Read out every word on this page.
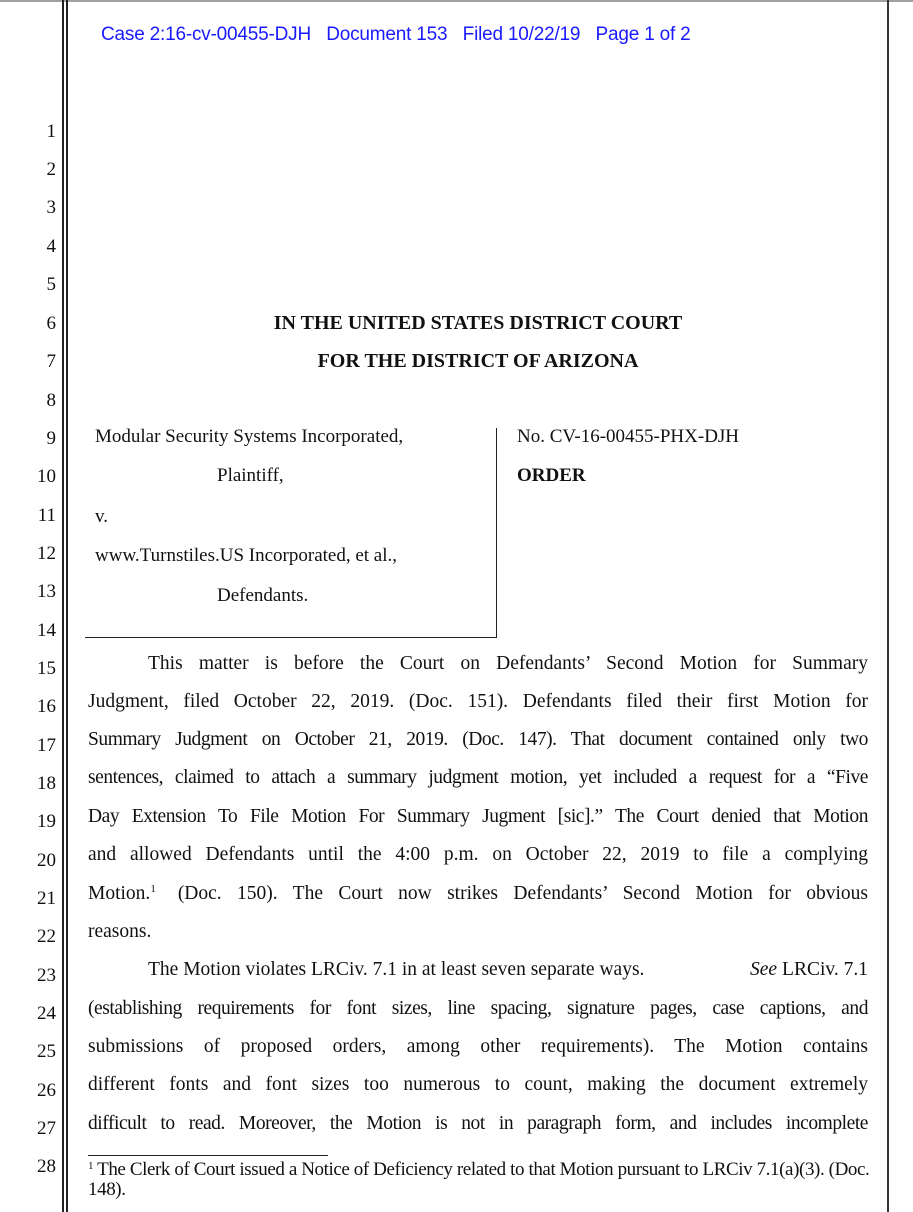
Case 2:16-cv-00455-DJH Document 153 Filed 10/22/19 Page 1 of 2
1
2
3
4
5
6
7
8
9
10
11
12
13
14
15
16
17
18
19
20
21
22
23
24
25
26
27
28
IN THE UNITED STATES DISTRICT COURT
FOR THE DISTRICT OF ARIZONA
Modular Security Systems Incorporated,
Plaintiff,
v.
www.Turnstiles.US Incorporated, et al.,
Defendants.
No. CV-16-00455-PHX-DJH
ORDER
This matter is before the Court on Defendants’ Second Motion for Summary
Judgment, filed October 22, 2019. (Doc. 151). Defendants filed their first Motion for
Summary Judgment on October 21, 2019. (Doc. 147). That document contained only two
sentences, claimed to attach a summary judgment motion, yet included a request for a “Five
Day Extension To File Motion For Summary Jugment [sic].” The Court denied that Motion
and allowed Defendants until the 4:00 p.m. on October 22, 2019 to file a complying
Motion.$^1$ (Doc. 150). The Court now strikes Defendants’ Second Motion for obvious
reasons.
The Motion violates LRCiv. 7.1 in at least seven separate ways.	See LRCiv. 7.1
(establishing requirements for font sizes, line spacing, signature pages, case captions, and
submissions of proposed orders, among other requirements). The Motion contains
different fonts and font sizes too numerous to count, making the document extremely
difficult to read. Moreover, the Motion is not in paragraph form, and includes incomplete
$^1$ The Clerk of Court issued a Notice of Deficiency related to that Motion pursuant to LRCiv 7.1(a)(3). (Doc. 148).
